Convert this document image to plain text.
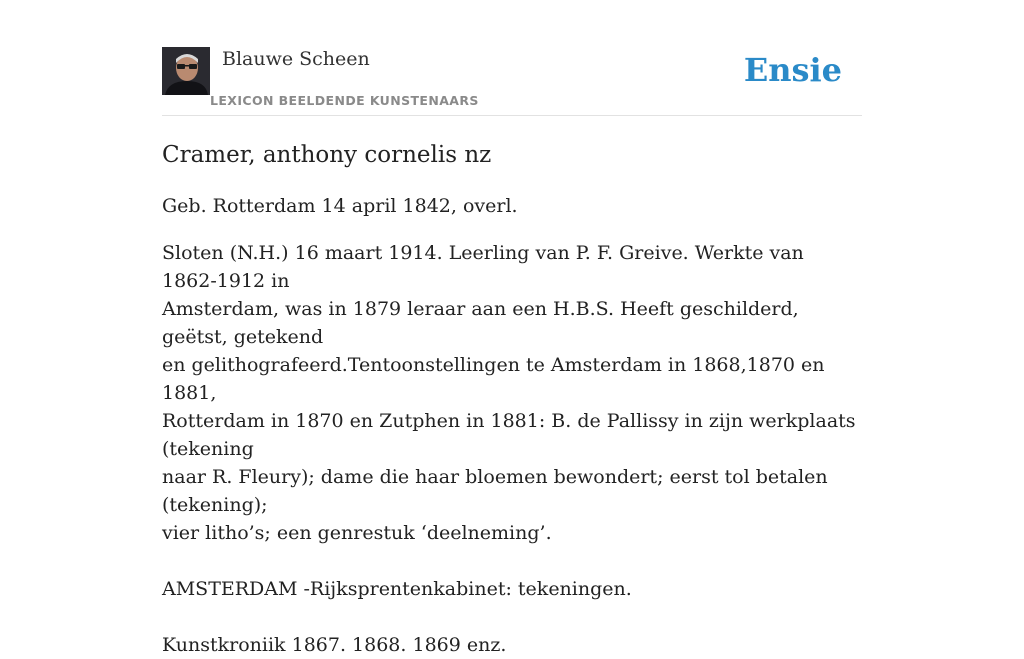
Blauwe Scheen
LEXICON BEELDENDE KUNSTENAARS
Ensie
Cramer, anthony cornelis nz

Geb. Rotterdam 14 april 1842, overl.

Sloten (N.H.) 16 maart 1914. Leerling van P. F. Greive. Werkte van 1862-1912 in
Amsterdam, was in 1879 leraar aan een H.B.S. Heeft geschilderd, geëtst, getekend
en gelithografeerd.Tentoonstellingen te Amsterdam in 1868,1870 en 1881,
Rotterdam in 1870 en Zutphen in 1881: B. de Pallissy in zijn werkplaats (tekening
naar R. Fleury); dame die haar bloemen bewondert; eerst tol betalen (tekening);
vier litho’s; een genrestuk ‘deelneming’.

AMSTERDAM -Rijksprentenkabinet: tekeningen.

Kunstkroniik 1867. 1868. 1869 enz.
